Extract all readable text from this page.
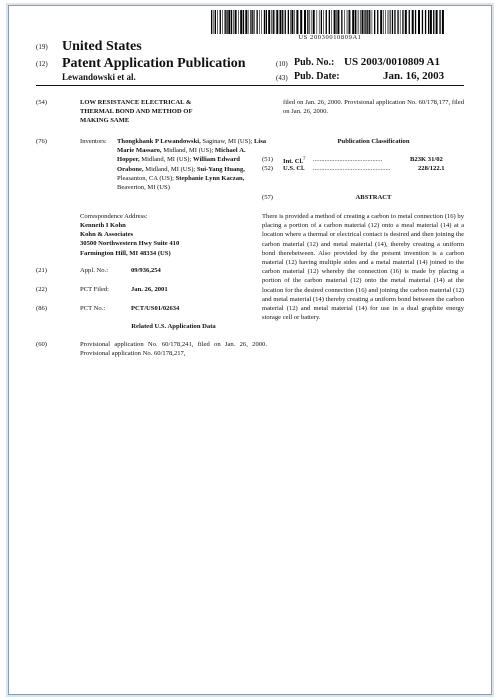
US 20030010809A1
(19) United States
(12) Patent Application Publication
Lewandowski et al.
(10) Pub. No.: US 2003/0010809 A1
(43) Pub. Date:	Jan. 16, 2003
(54)	LOW RESISTANCE ELECTRICAL &
THERMAL BOND AND METHOD OF
MAKING SAME
(76)	Inventors: Thongkhank P Lewandowski, Saginaw, MI (US); Lisa Marie Massaro, Midland, MI (US); Michael A. Hopper, Midland, MI (US); William Edward Orabone, Midland, MI (US); Sui-Yang Huang, Pleasanton, CA (US); Stephanie Lynn Kaczan, Beaverton, MI (US)
Correspondence Address:
Kenneth I Kohn
Kohn & Associates
30500 Northwestern Hwy Suite 410
Farmington Hill, MI 48334 (US)
(21)	Appl. No.:	09/936,254
(22)	PCT Filed:	Jan. 26, 2001
(86)	PCT No.:	PCT/US01/02634
Related U.S. Application Data
(60)	Provisional application No. 60/178,241, filed on Jan. 26, 2000. Provisional application No. 60/178,217,
filed on Jan. 26, 2000. Provisional application No. 60/178,177, filed on Jan. 26, 2000.
Publication Classification
(51) Int. Cl.$^7$ ..........................................	B23K 31/02
(52) U.S. Cl. ...............................................	228/122.1
(57)	ABSTRACT
There is provided a method of creating a carbon to metal connection (16) by placing a portion of a carbon material (12) onto a meal material (14) at a location where a thermal or electrical contact is desired and then joining the carbon material (12) and metal material (14), thereby creating a uniform bond therebetween. Also provided by the present invention is a carbon material (12) having multiple sides and a metal material (14) joined to the carbon material (12) whereby the connection (16) is made by placing a portion of the carbon material (12) onto the metal material (14) at the location for the desired connection (16) and joining the carbon material (12) and metal material (14) thereby creating a uniform bond between the carbon material (12) and metal material (14) for use in a dual graphite energy storage cell or battery.
